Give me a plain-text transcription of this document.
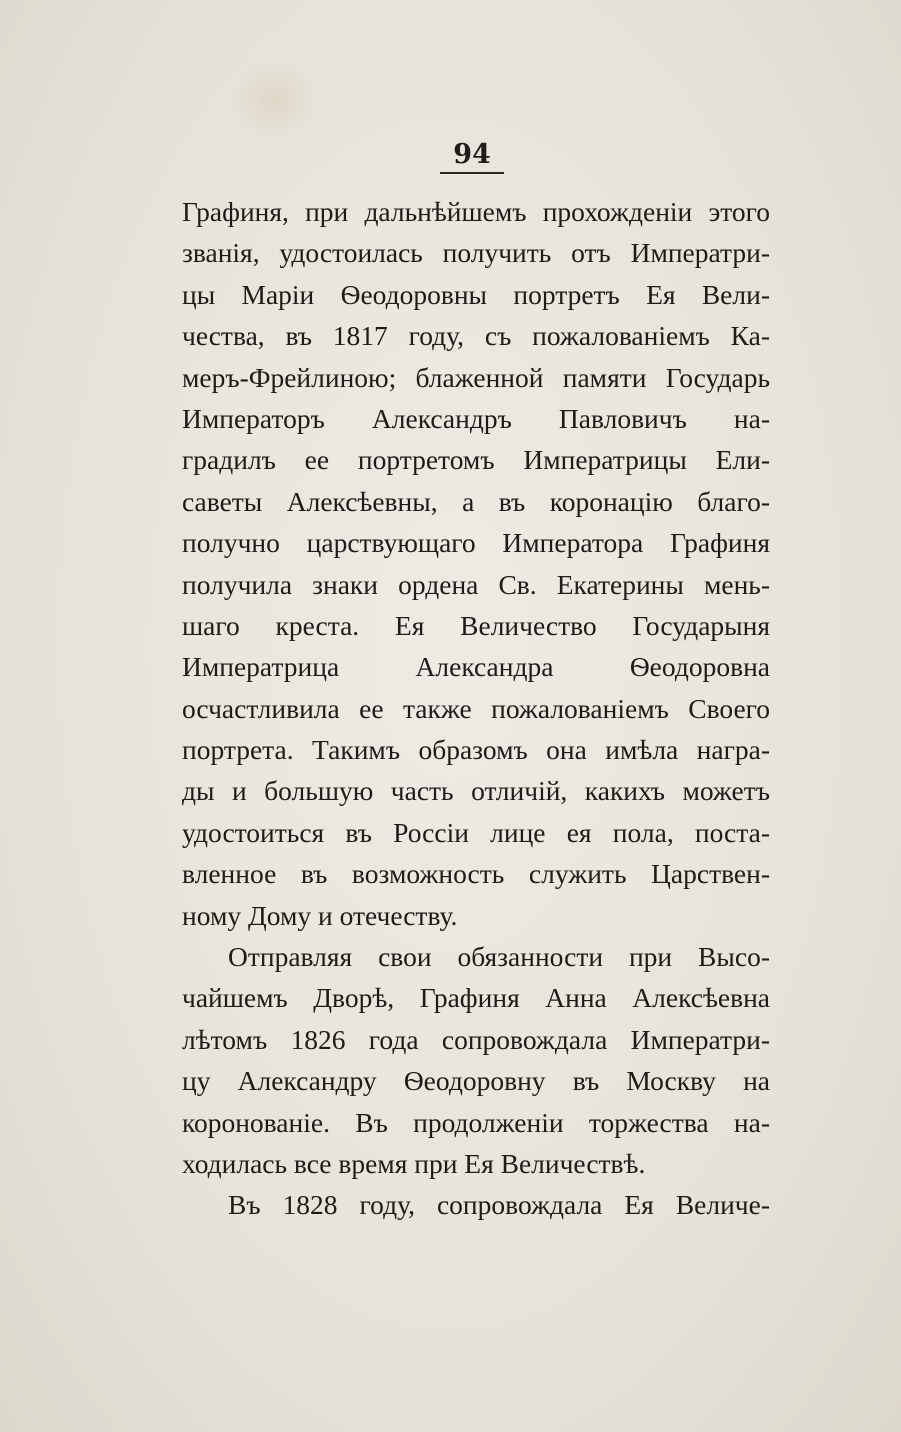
94
Графиня, при дальнѣйшемъ прохожденіи этого
званія, удостоилась получить отъ Императри-
цы Маріи Ѳеодоровны портретъ Ея Вели-
чества, въ 1817 году, съ пожалованіемъ Ка-
меръ-Фрейлиною; блаженной памяти Государь
Императоръ Александръ Павловичъ на-
градилъ ее портретомъ Императрицы Ели-
саветы Алексѣевны, а въ коронацію благо-
получно царствующаго Императора Графиня
получила знаки ордена Св. Екатерины мень-
шаго креста. Ея Величество Государыня
Императрица Александра Ѳеодоровна
осчастливила ее также пожалованіемъ Своего
портрета. Такимъ образомъ она имѣла награ-
ды и большую часть отличій, какихъ можетъ
удостоиться въ Россіи лице ея пола, поста-
вленное въ возможность служить Царствен-
ному Дому и отечеству.
Отправляя свои обязанности при Высо-
чайшемъ Дворѣ, Графиня Анна Алексѣевна
лѣтомъ 1826 года сопровождала Императри-
цу Александру Ѳеодоровну въ Москву на
коронованіе. Въ продолженіи торжества на-
ходилась все время при Ея Величествѣ.
Въ 1828 году, сопровождала Ея Величе-
